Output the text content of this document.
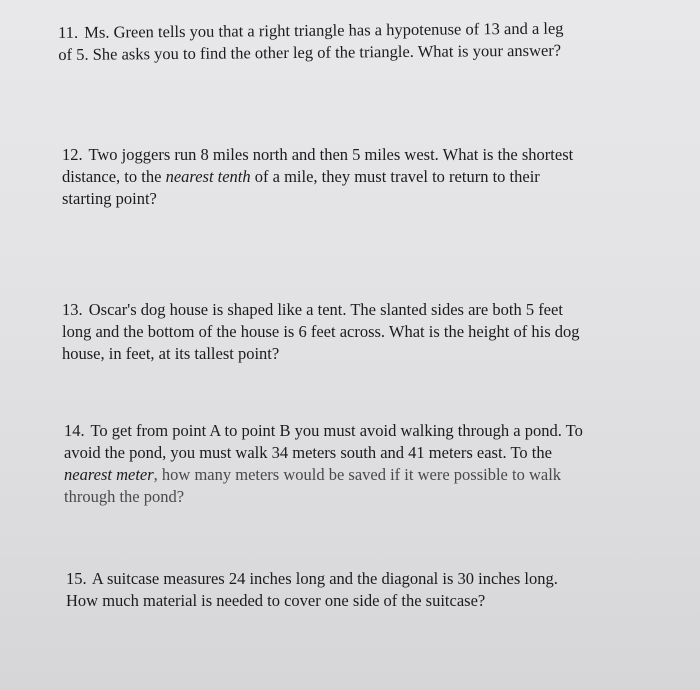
11. Ms. Green tells you that a right triangle has a hypotenuse of 13 and a leg
of 5. She asks you to find the other leg of the triangle. What is your answer?

12. Two joggers run 8 miles north and then 5 miles west. What is the shortest
distance, to the nearest tenth of a mile, they must travel to return to their
starting point?

13. Oscar's dog house is shaped like a tent. The slanted sides are both 5 feet
long and the bottom of the house is 6 feet across. What is the height of his dog
house, in feet, at its tallest point?

14. To get from point A to point B you must avoid walking through a pond. To
avoid the pond, you must walk 34 meters south and 41 meters east. To the
nearest meter, how many meters would be saved if it were possible to walk
through the pond?

15. A suitcase measures 24 inches long and the diagonal is 30 inches long.
How much material is needed to cover one side of the suitcase?
